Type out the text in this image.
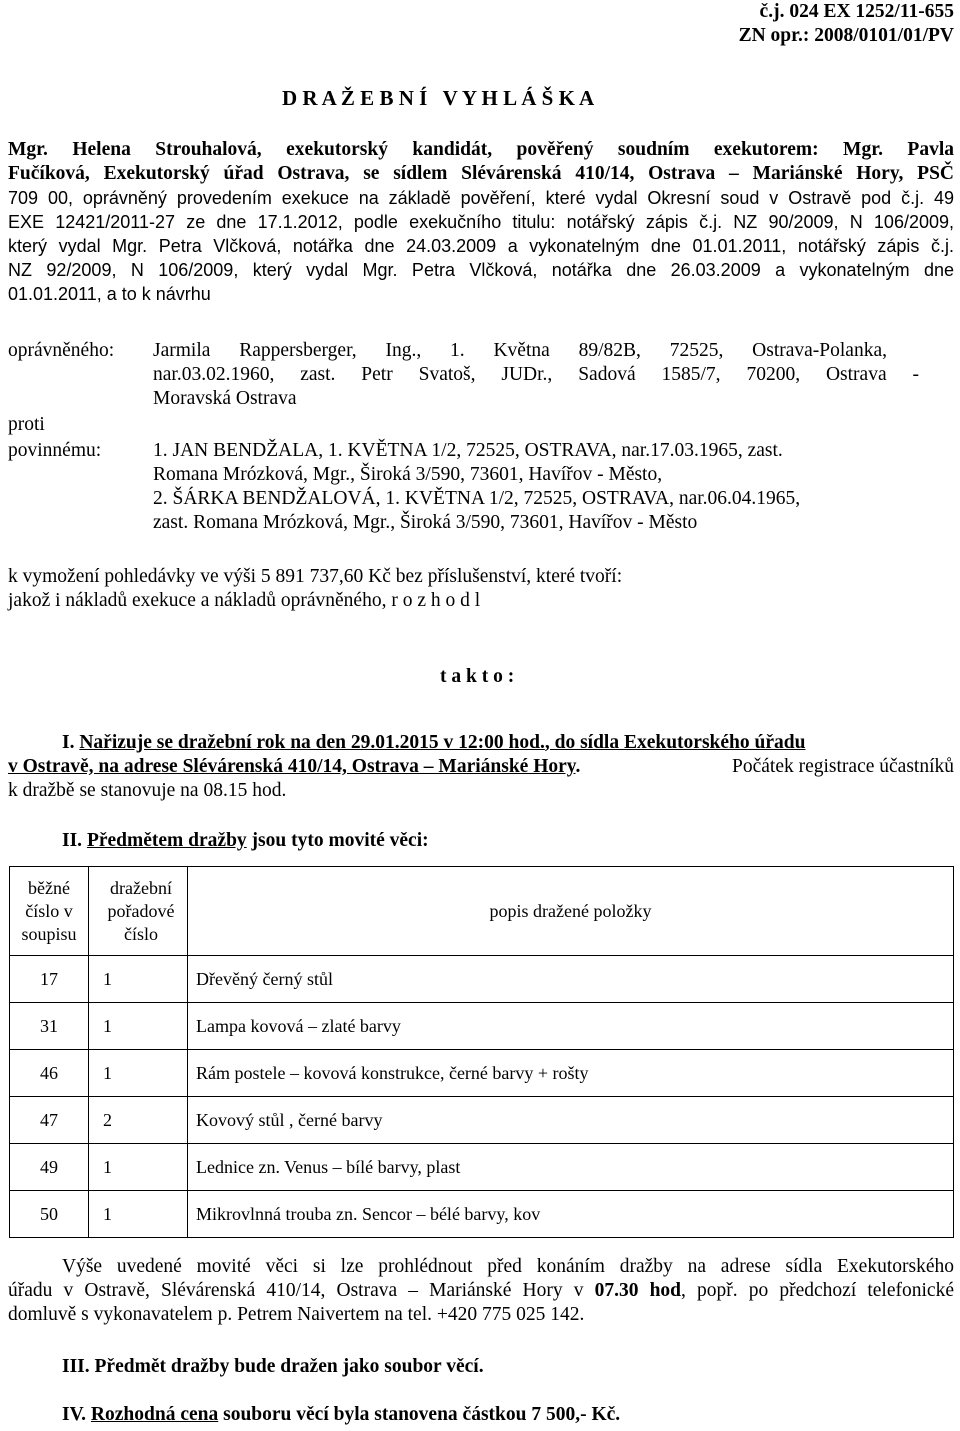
č.j. 024 EX 1252/11-655
ZN opr.: 2008/0101/01/PV
D R A Ž E B N Í   V Y H L Á Š K A
Mgr. Helena Strouhalová, exekutorský kandidát, pověřený soudním exekutorem: Mgr. Pavla
Fučíková, Exekutorský úřad Ostrava, se sídlem Slévárenská 410/14, Ostrava – Mariánské Hory, PSČ
709 00, oprávněný provedením exekuce na základě pověření, které vydal Okresní soud v Ostravě pod č.j. 49
EXE 12421/2011-27 ze dne 17.1.2012, podle exekučního titulu: notářský zápis č.j. NZ 90/2009, N 106/2009,
který vydal Mgr. Petra Vlčková, notářka dne 24.03.2009 a vykonatelným dne 01.01.2011, notářský zápis č.j.
NZ 92/2009, N 106/2009, který vydal Mgr. Petra Vlčková, notářka dne 26.03.2009 a vykonatelným dne
01.01.2011, a to k návrhu
oprávněného: Jarmila Rappersberger, Ing., 1. Května 89/82B, 72525, Ostrava-Polanka,
nar.03.02.1960, zast. Petr Svatoš, JUDr., Sadová 1585/7, 70200, Ostrava -
Moravská Ostrava
proti
povinnému:	1. JAN BENDŽALA, 1. KVĚTNA 1/2, 72525, OSTRAVA, nar.17.03.1965, zast.
Romana Mrózková, Mgr., Široká 3/590, 73601, Havířov - Město,
2. ŠÁRKA BENDŽALOVÁ, 1. KVĚTNA 1/2, 72525, OSTRAVA, nar.06.04.1965,
zast. Romana Mrózková, Mgr., Široká 3/590, 73601, Havířov - Město
k vymožení pohledávky ve výši 5 891 737,60 Kč bez příslušenství, které tvoří:
jakož i nákladů exekuce a nákladů oprávněného, r o z h o d l
t a k t o :
I. Nařizuje se dražební rok na den 29.01.2015 v 12:00 hod., do sídla Exekutorského úřadu
v Ostravě, na adrese Slévárenská 410/14, Ostrava – Mariánské Hory.	Počátek registrace účastníků
k dražbě se stanovuje na 08.15 hod.
II. Předmětem dražby jsou tyto movité věci:
běžné číslo v soupisu	dražební pořadové číslo	popis dražené položky
17	1	Dřevěný černý stůl
31	1	Lampa kovová – zlaté barvy
46	1	Rám postele – kovová konstrukce, černé barvy + rošty
47	2	Kovový stůl , černé barvy
49	1	Lednice zn. Venus – bílé barvy, plast
50	1	Mikrovlnná trouba zn. Sencor – bélé barvy, kov
Výše uvedené movité věci si lze prohlédnout před konáním dražby na adrese sídla Exekutorského
úřadu v Ostravě, Slévárenská 410/14, Ostrava – Mariánské Hory v 07.30 hod, popř. po předchozí telefonické
domluvě s vykonavatelem p. Petrem Naivertem na tel. +420 775 025 142.
III. Předmět dražby bude dražen jako soubor věcí.
IV. Rozhodná cena souboru věcí byla stanovena částkou 7 500,- Kč.
